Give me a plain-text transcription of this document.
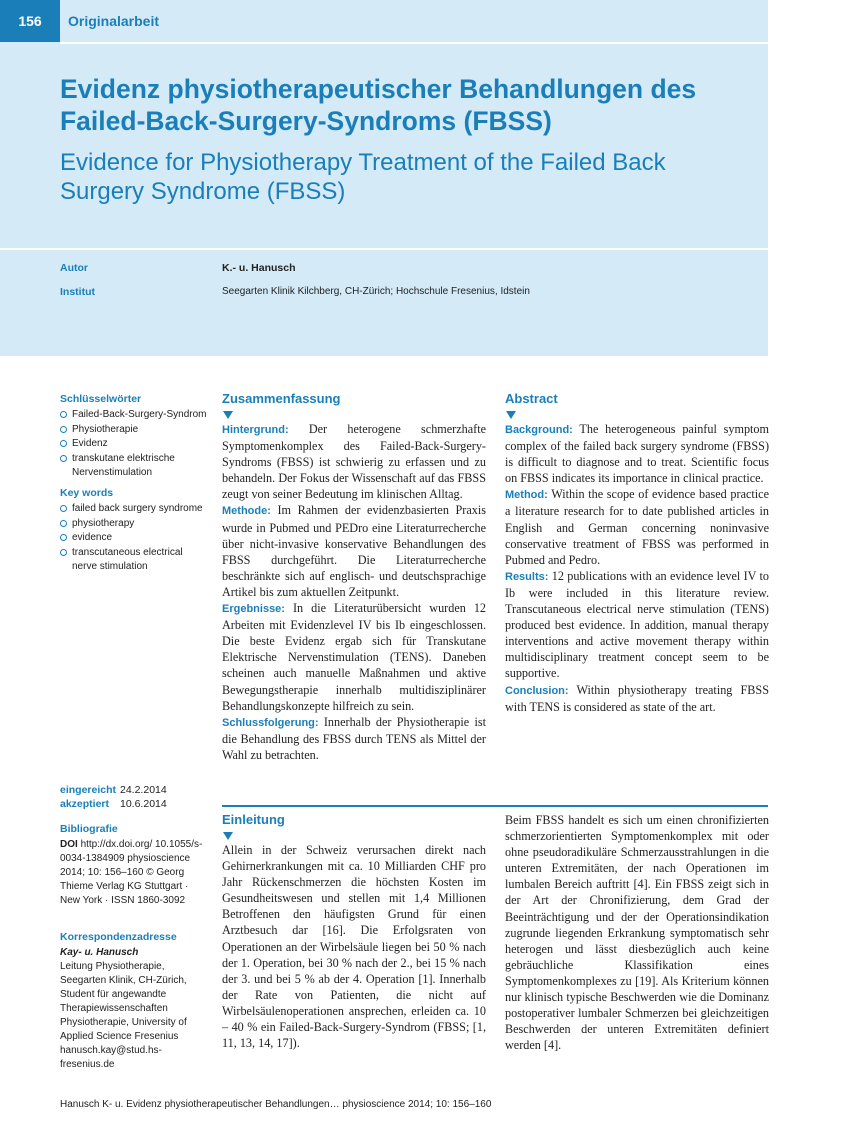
156	Originalarbeit
Evidenz physiotherapeutischer Behandlungen des Failed-Back-Surgery-Syndroms (FBSS)
Evidence for Physiotherapy Treatment of the Failed Back Surgery Syndrome (FBSS)
Autor	K.- u. Hanusch
Institut	Seegarten Klinik Kilchberg, CH-Zürich; Hochschule Fresenius, Idstein
Schlüsselwörter
Failed-Back-Surgery-Syndrom
Physiotherapie
Evidenz
transkutane elektrische Nervenstimulation
Key words
failed back surgery syndrome
physiotherapy
evidence
transcutaneous electrical nerve stimulation
Zusammenfassung

Hintergrund: Der heterogene schmerzhafte Symptomenkomplex des Failed-Back-Surgery-Syndroms (FBSS) ist schwierig zu erfassen und zu behandeln. Der Fokus der Wissenschaft auf das FBSS zeugt von seiner Bedeutung im klinischen Alltag.
Methode: Im Rahmen der evidenzbasierten Praxis wurde in Pubmed und PEDro eine Literaturrecherche über nicht-invasive konservative Behandlungen des FBSS durchgeführt. Die Literaturrecherche beschränkte sich auf englisch- und deutschsprachige Artikel bis zum aktuellen Zeitpunkt.
Ergebnisse: In die Literaturübersicht wurden 12 Arbeiten mit Evidenzlevel IV bis Ib eingeschlossen. Die beste Evidenz ergab sich für Transkutane Elektrische Nervenstimulation (TENS). Daneben scheinen auch manuelle Maßnahmen und aktive Bewegungstherapie innerhalb multidisziplinärer Behandlungskonzepte hilfreich zu sein.
Schlussfolgerung: Innerhalb der Physiotherapie ist die Behandlung des FBSS durch TENS als Mittel der Wahl zu betrachten.

Abstract

Background: The heterogeneous painful symptom complex of the failed back surgery syndrome (FBSS) is difficult to diagnose and to treat. Scientific focus on FBSS indicates its importance in clinical practice.
Method: Within the scope of evidence based practice a literature research for to date published articles in English and German concerning noninvasive conservative treatment of FBSS was performed in Pubmed and Pedro.
Results: 12 publications with an evidence level IV to Ib were included in this literature review. Transcutaneous electrical nerve stimulation (TENS) produced best evidence. In addition, manual therapy interventions and active movement therapy within multidisciplinary treatment concept seem to be supportive.
Conclusion: Within physiotherapy treating FBSS with TENS is considered as state of the art.

eingereicht 24.2.2014
akzeptiert 10.6.2014
Bibliografie
DOI http://dx.doi.org/ 10.1055/s-0034-1384909 physioscience 2014; 10: 156–160 © Georg Thieme Verlag KG Stuttgart · New York · ISSN 1860-3092
Korrespondenzadresse
Kay- u. Hanusch
Leitung Physiotherapie, Seegarten Klinik, CH-Zürich, Student für angewandte Therapiewissenschaften Physiotherapie, University of Applied Science Fresenius hanusch.kay@stud.hs-fresenius.de
Einleitung

Allein in der Schweiz verursachen direkt nach Gehirnerkrankungen mit ca. 10 Milliarden CHF pro Jahr Rückenschmerzen die höchsten Kosten im Gesundheitswesen und stellen mit 1,4 Millionen Betroffenen den häufigsten Grund für einen Arztbesuch dar [16]. Die Erfolgsraten von Operationen an der Wirbelsäule liegen bei 50 % nach der 1. Operation, bei 30 % nach der 2., bei 15 % nach der 3. und bei 5 % ab der 4. Operation [1]. Innerhalb der Rate von Patienten, die nicht auf Wirbelsäulenoperationen ansprechen, erleiden ca. 10 – 40 % ein Failed-Back-Surgery-Syndrom (FBSS; [1, 11, 13, 14, 17]).

Beim FBSS handelt es sich um einen chronifizierten schmerzorientierten Symptomenkomplex mit oder ohne pseudoradikuläre Schmerzausstrahlungen in die unteren Extremitäten, der nach Operationen im lumbalen Bereich auftritt [4]. Ein FBSS zeigt sich in der Art der Chronifizierung, dem Grad der Beeinträchtigung und der der Operationsindikation zugrunde liegenden Erkrankung symptomatisch sehr heterogen und lässt diesbezüglich auch keine gebräuchliche Klassifikation eines Symptomenkomplexes zu [19]. Als Kriterium können nur klinisch typische Beschwerden wie die Dominanz postoperativer lumbaler Schmerzen bei gleichzeitigen Beschwerden der unteren Extremitäten definiert werden [4].

Hanusch K- u. Evidenz physiotherapeutischer Behandlungen… physioscience 2014; 10: 156–160
